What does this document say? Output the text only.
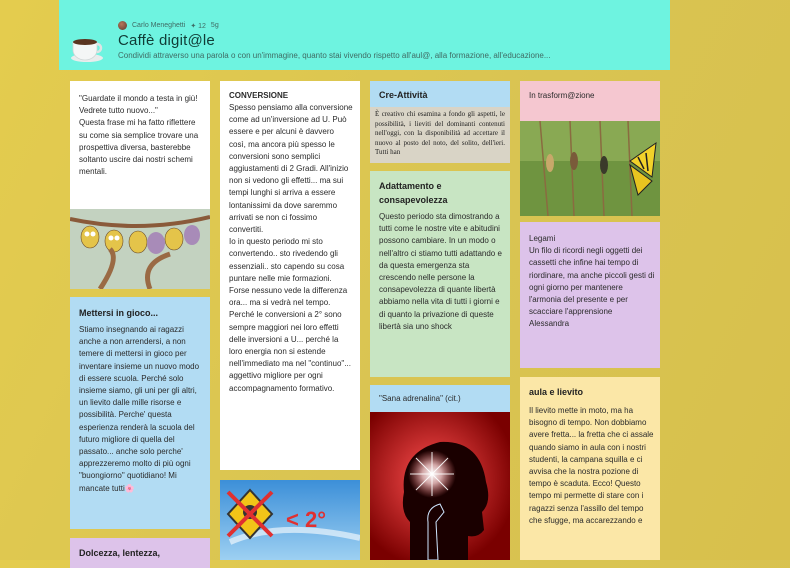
Carlo Meneghetti ✦ 12 5g
Caffè digit@le
Condividi attraverso una parola o con un'immagine, quanto stai vivendo rispetto all'aul@, alla formazione, all'educazione...

"Guardate il mondo a testa in giù!
Vedrete tutto nuovo..."
Questa frase mi ha fatto riflettere su come sia semplice trovare una prospettiva diversa, basterebbe soltanto uscire dai nostri schemi mentali.

Mettersi in gioco...

Stiamo insegnando ai ragazzi anche a non arrendersi, a non temere di mettersi in gioco per inventare insieme un nuovo modo di essere scuola. Perché solo insieme siamo, gli uni per gli altri, un lievito dalle mille risorse e possibilità. Perche' questa esperienza renderà la scuola del futuro migliore di quella del passato... anche solo perche' apprezzeremo molto di più ogni "buongiorno" quotidiano! Mi mancate tutti🌸

Dolcezza, lentezza,
CONVERSIONE

Spesso pensiamo alla conversione come ad un'inversione ad U. Può essere e per alcuni è davvero così, ma ancora più spesso le conversioni sono semplici aggiustamenti di 2 Gradi. All'inizio non si vedono gli effetti... ma sui tempi lunghi si arriva a essere lontanissimi da dove saremmo arrivati se non ci fossimo convertiti.
Io in questo periodo mi sto convertendo.. sto rivedendo gli essenziali.. sto capendo su cosa puntare nelle mie formazioni. Forse nessuno vede la differenza ora... ma si vedrà nel tempo. Perché le conversioni a 2° sono sempre maggiori nei loro effetti delle inversioni a U... perché la loro energia non si estende nell'immediato ma nel "continuo"... aggettivo migliore per ogni accompagnamento formativo.

< 2°
Cre-Attività
È creativo chi esamina a fondo gli aspetti, le possibilità, i lieviti del dominanti contenuti nell'oggi, con la disponibilità ad accettare il nuovo al posto del noto, del solito, dell'ieri. Tutti han
Adattamento e consapevolezza

Questo periodo sta dimostrando a tutti come le nostre vite e abitudini possono cambiare. In un modo o nell'altro ci stiamo tutti adattando e da questa emergenza sta crescendo nelle persone la consapevolezza di quante libertà abbiamo nella vita di tutti i giorni e di quanto la privazione di queste libertà sia uno shock

"Sana adrenalina" (cit.)

In trasform@zione

Legami
Un filo di ricordi negli oggetti dei cassetti che infine hai tempo di riordinare, ma anche piccoli gesti di ogni giorno per mantenere l'armonia del presente e per scacciare l'apprensione
Alessandra

aula e lievito

Il lievito mette in moto, ma ha bisogno di tempo. Non dobbiamo avere fretta... la fretta che ci assale quando siamo in aula con i nostri studenti, la campana squilla e ci avvisa che la nostra pozione di tempo è scaduta. Ecco! Questo tempo mi permette di stare con i ragazzi senza l'assillo del tempo che sfugge, ma accarezzando e
